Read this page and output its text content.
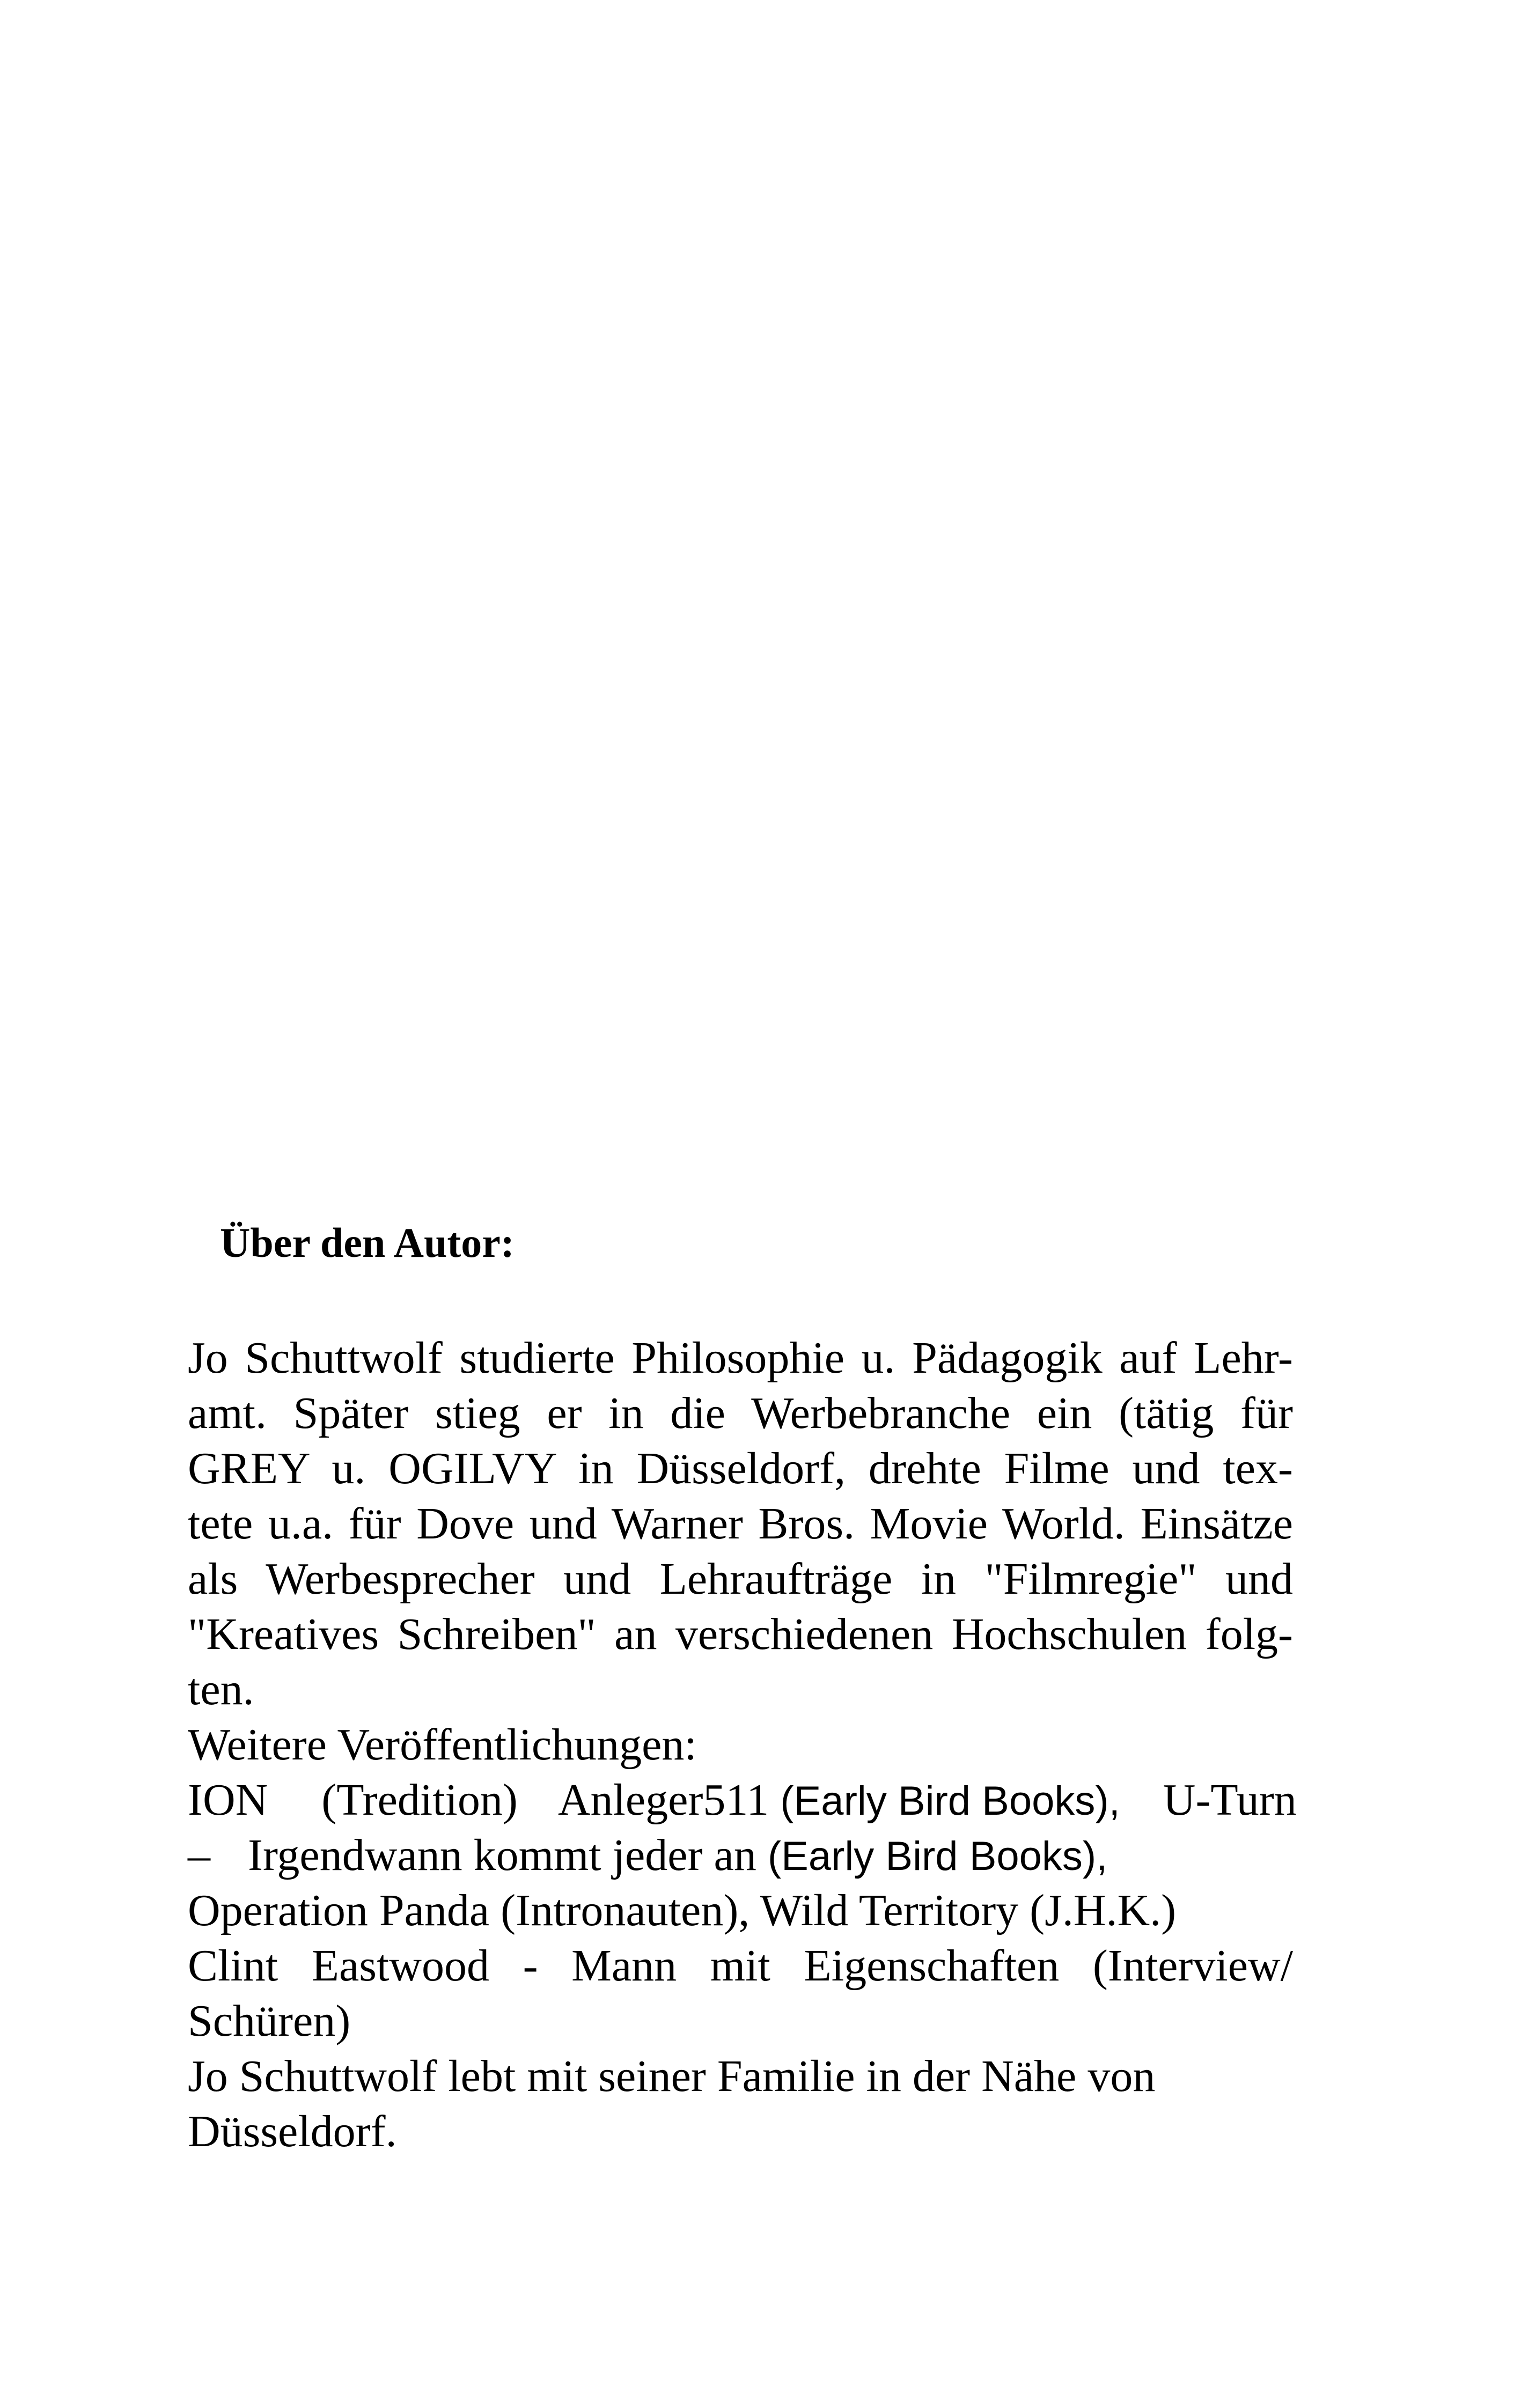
Über den Autor:
Jo Schuttwolf studierte Philosophie u. Pädagogik auf Lehr-
amt. Später stieg er in die Werbebranche ein (tätig für
GREY u. OGILVY in Düsseldorf, drehte Filme und tex-
tete u.a. für Dove und Warner Bros. Movie World. Einsätze
als Werbesprecher und Lehraufträge in "Filmregie" und
"Kreatives Schreiben" an verschiedenen Hochschulen folg-
ten.
Weitere Veröffentlichungen:
ION (Tredition) Anleger511 (Early Bird Books), U-Turn
– Irgendwann kommt jeder an (Early Bird Books),
Operation Panda (Intronauten), Wild Territory (J.H.K.)
Clint Eastwood - Mann mit Eigenschaften (Interview/
Schüren)
Jo Schuttwolf lebt mit seiner Familie in der Nähe von
Düsseldorf.
